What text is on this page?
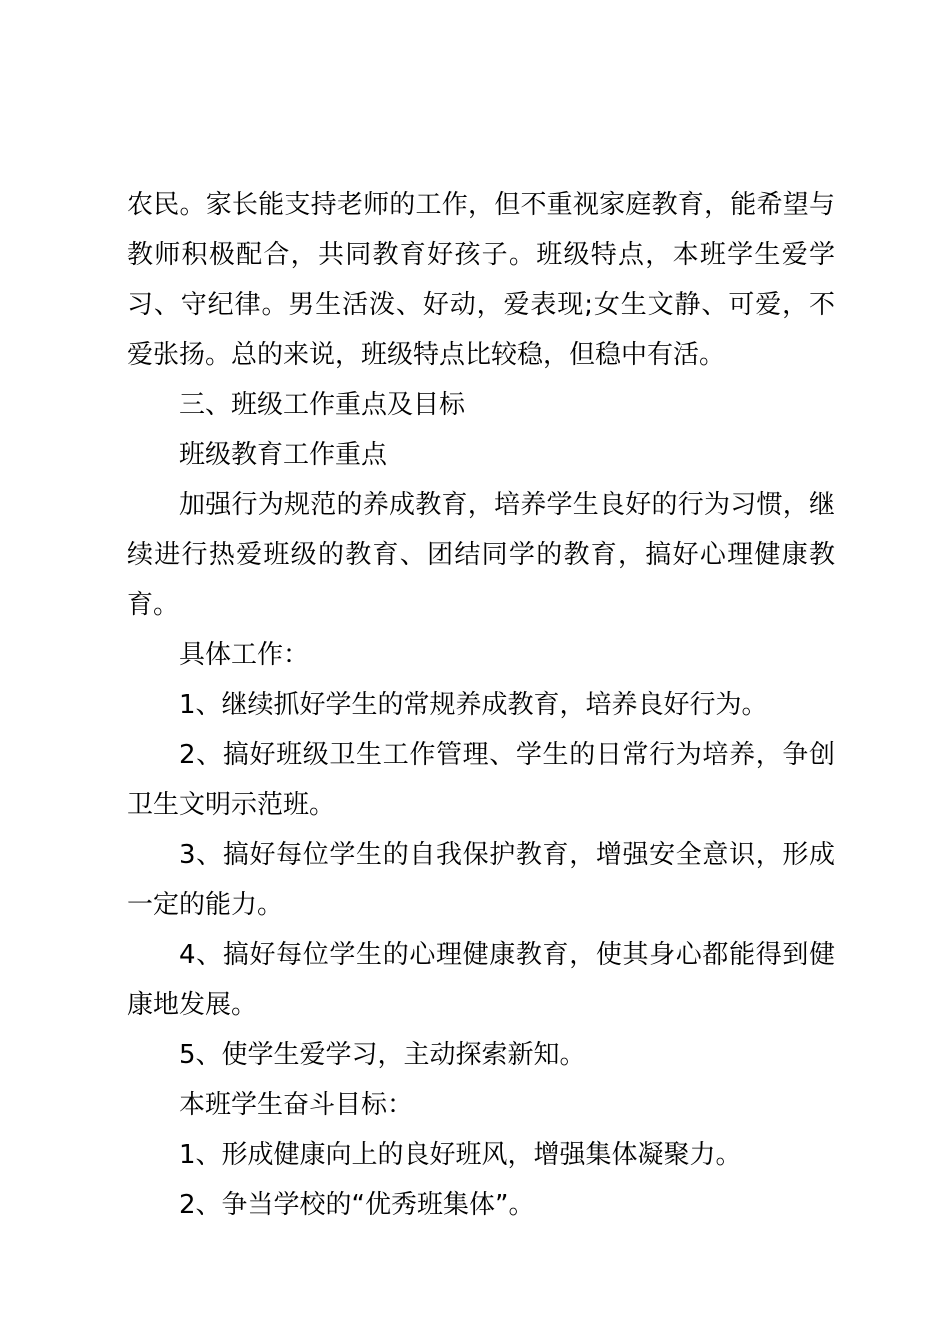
农民。家长能支持老师的工作，但不重视家庭教育，能希望与教师积极配合，共同教育好孩子。班级特点，本班学生爱学习、守纪律。男生活泼、好动，爱表现;女生文静、可爱，不爱张扬。总的来说，班级特点比较稳，但稳中有活。

三、班级工作重点及目标

班级教育工作重点

加强行为规范的养成教育，培养学生良好的行为习惯，继续进行热爱班级的教育、团结同学的教育，搞好心理健康教育。

具体工作：

1、继续抓好学生的常规养成教育，培养良好行为。

2、搞好班级卫生工作管理、学生的日常行为培养，争创卫生文明示范班。

3、搞好每位学生的自我保护教育，增强安全意识，形成一定的能力。

4、搞好每位学生的心理健康教育，使其身心都能得到健康地发展。

5、使学生爱学习，主动探索新知。

本班学生奋斗目标：

1、形成健康向上的良好班风，增强集体凝聚力。

2、争当学校的“优秀班集体”。
